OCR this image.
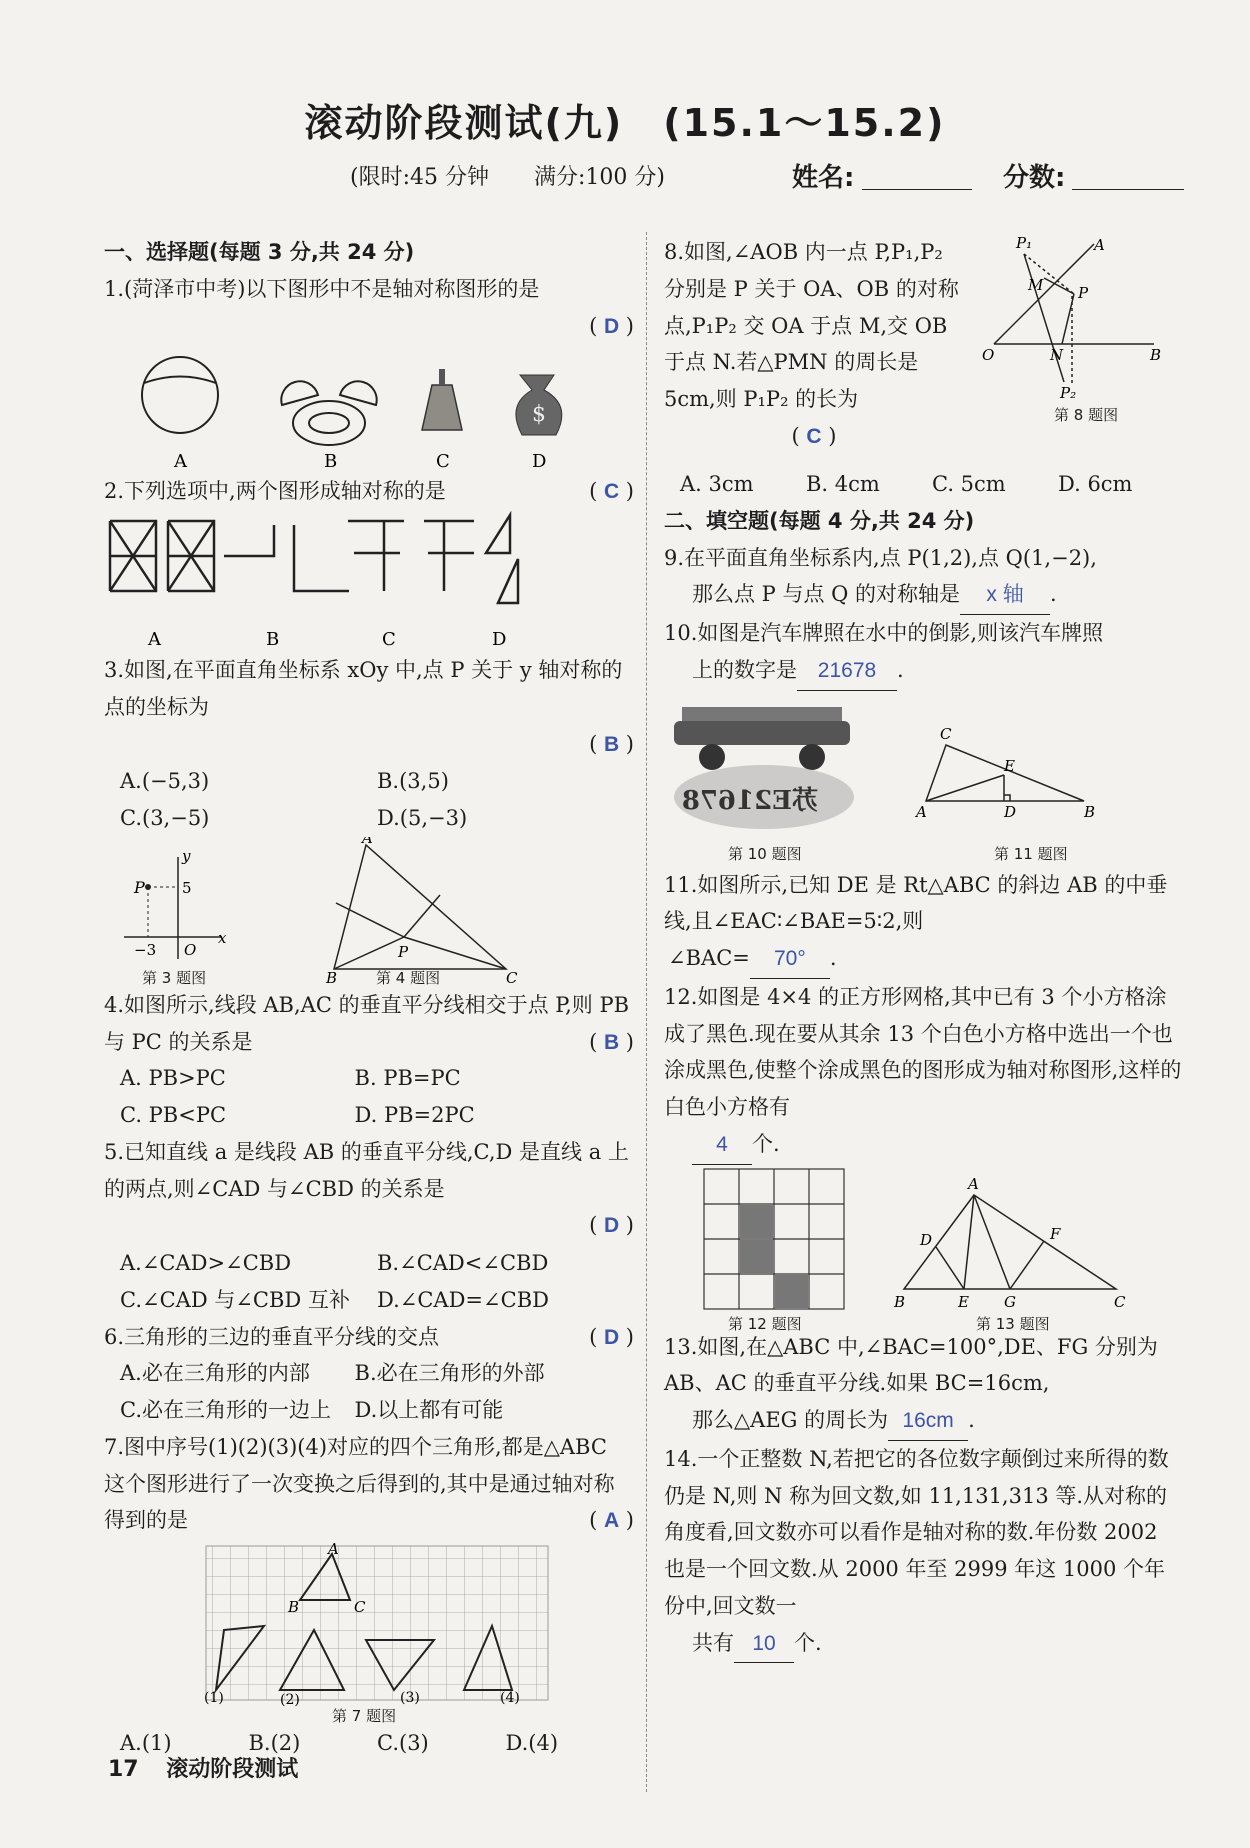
滚动阶段测试(九)　(15.1～15.2)
(限时:45 分钟 满分:100 分)	姓名:	分数:
一、选择题(每题 3 分,共 24 分)

1.(菏泽市中考)以下图形中不是轴对称图形的是

( D )
$
A	B	C	D

2.下列选项中,两个图形成轴对称的是	( C )

A	B	C	D

3.如图,在平面直角坐标系 xOy 中,点 P 关于 y 轴对称的点的坐标为

( B )
A.(−5,3)	B.(3,5)
C.(3,−5)	D.(5,−3)
P 5
−3 O
x
y
A
B	C
P
第 3 题图	第 4 题图

4.如图所示,线段 AB,AC 的垂直平分线相交于点 P,则 PB 与 PC 的关系是	( B )

A. PB>PC	B. PB=PC
C. PB<PC	D. PB=2PC

5.已知直线 a 是线段 AB 的垂直平分线,C,D 是直线 a 上的两点,则∠CAD 与∠CBD 的关系是

( D )
A.∠CAD>∠CBD	B.∠CAD<∠CBD
C.∠CAD 与∠CBD 互补	D.∠CAD=∠CBD

6.三角形的三边的垂直平分线的交点	( D )

A.必在三角形的内部	B.必在三角形的外部
C.必在三角形的一边上	D.以上都有可能

7.图中序号(1)(2)(3)(4)对应的四个三角形,都是△ABC 这个图形进行了一次变换之后得到的,其中是通过轴对称得到的是	( A )

A
B	C
(1)	(2)	(3)	(4)
第 7 题图
A.(1)	B.(2)	C.(3)	D.(4)
8.如图,∠AOB 内一点 P,P₁,P₂ 分别是 P 关于 OA、OB 的对称点,P₁P₂ 交 OA 于点 M,交 OB 于点 N.若△PMN 的周长是 5cm,则 P₁P₂ 的长为
( C )
P₁	A
M P
O	N	B
P₂
第 8 题图
A. 3cm	B. 4cm	C. 5cm	D. 6cm
二、填空题(每题 4 分,共 24 分)

9.在平面直角坐标系内,点 P(1,2),点 Q(1,−2),

那么点 P 与点 Q 的对称轴是 x 轴 .

10.如图是汽车牌照在水中的倒影,则该汽车牌照

上的数字是 21678 .

苏E21678
C
E
A	D	B
第 10 题图	第 11 题图

11.如图所示,已知 DE 是 Rt△ABC 的斜边 AB 的中垂线,且∠EAC∶∠BAE=5∶2,则

∠BAC= 70° .

12.如图是 4×4 的正方形网格,其中已有 3 个小方格涂成了黑色.现在要从其余 13 个白色小方格中选出一个也涂成黑色,使整个涂成黑色的图形成为轴对称图形,这样的白色小方格有

4 个.

A
D	F
B	E G	C
第 12 题图	第 13 题图

13.如图,在△ABC 中,∠BAC=100°,DE、FG 分别为 AB、AC 的垂直平分线.如果 BC=16cm,

那么△AEG 的周长为 16cm .

14.一个正整数 N,若把它的各位数字颠倒过来所得的数仍是 N,则 N 称为回文数,如 11,131,313 等.从对称的角度看,回文数亦可以看作是轴对称的数.年份数 2002 也是一个回文数.从 2000 年至 2999 年这 1000 个年份中,回文数一

共有 10 个.

17 滚动阶段测试
